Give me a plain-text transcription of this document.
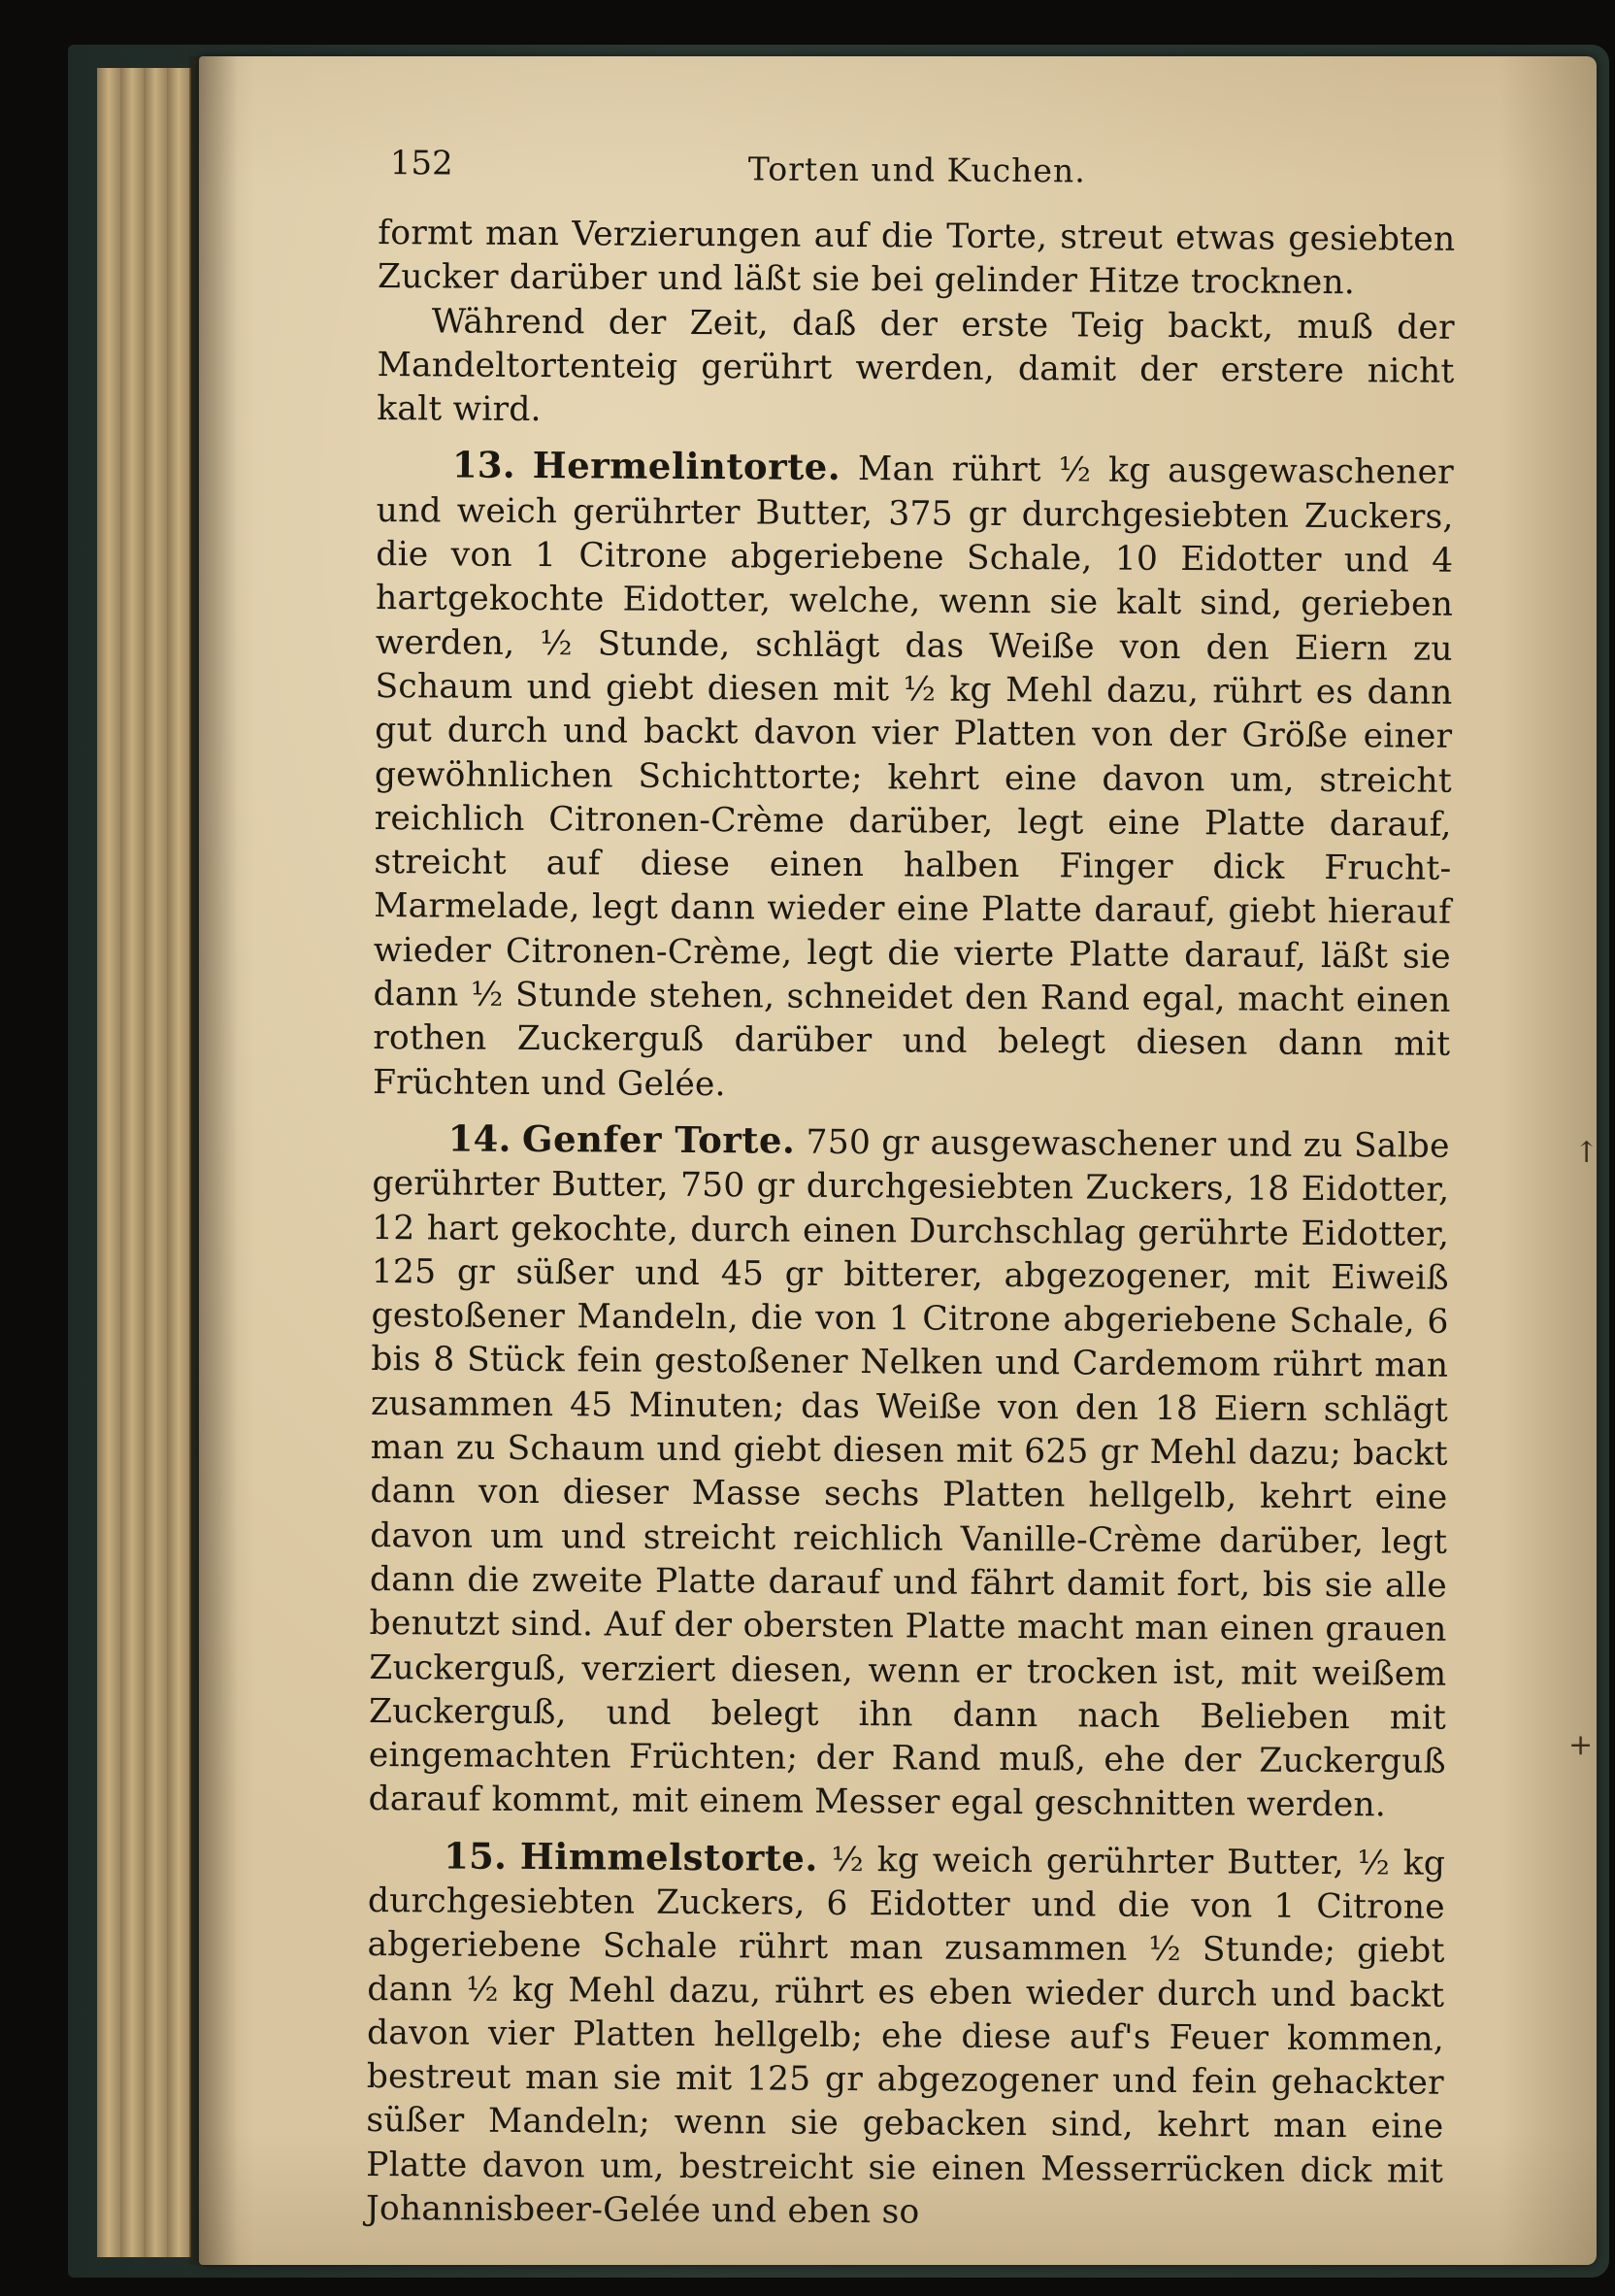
↑
+
152	Torten und Kuchen.

formt man Verzierungen auf die Torte, streut etwas gesiebten Zucker darüber und läßt sie bei gelinder Hitze trocknen.

Während der Zeit, daß der erste Teig backt, muß der Mandeltortenteig gerührt werden, damit der erstere nicht kalt wird.

13. Hermelintorte. Man rührt ½ kg ausgewaschener und weich gerührter Butter, 375 gr durchgesiebten Zuckers, die von 1 Citrone abgeriebene Schale, 10 Eidotter und 4 hartgekochte Eidotter, welche, wenn sie kalt sind, gerieben werden, ½ Stunde, schlägt das Weiße von den Eiern zu Schaum und giebt diesen mit ½ kg Mehl dazu, rührt es dann gut durch und backt davon vier Platten von der Größe einer gewöhnlichen Schichttorte; kehrt eine davon um, streicht reichlich Citronen-Crème darüber, legt eine Platte darauf, streicht auf diese einen halben Finger dick Frucht-Marmelade, legt dann wieder eine Platte darauf, giebt hierauf wieder Citronen-Crème, legt die vierte Platte darauf, läßt sie dann ½ Stunde stehen, schneidet den Rand egal, macht einen rothen Zuckerguß darüber und belegt diesen dann mit Früchten und Gelée.

14. Genfer Torte. 750 gr ausgewaschener und zu Salbe gerührter Butter, 750 gr durchgesiebten Zuckers, 18 Eidotter, 12 hart gekochte, durch einen Durchschlag gerührte Eidotter, 125 gr süßer und 45 gr bitterer, abgezogener, mit Eiweiß gestoßener Mandeln, die von 1 Citrone abgeriebene Schale, 6 bis 8 Stück fein gestoßener Nelken und Cardemom rührt man zusammen 45 Minuten; das Weiße von den 18 Eiern schlägt man zu Schaum und giebt diesen mit 625 gr Mehl dazu; backt dann von dieser Masse sechs Platten hellgelb, kehrt eine davon um und streicht reichlich Vanille-Crème darüber, legt dann die zweite Platte darauf und fährt damit fort, bis sie alle benutzt sind. Auf der obersten Platte macht man einen grauen Zuckerguß, verziert diesen, wenn er trocken ist, mit weißem Zuckerguß, und belegt ihn dann nach Belieben mit eingemachten Früchten; der Rand muß, ehe der Zuckerguß darauf kommt, mit einem Messer egal geschnitten werden.

15. Himmelstorte. ½ kg weich gerührter Butter, ½ kg durchgesiebten Zuckers, 6 Eidotter und die von 1 Citrone abgeriebene Schale rührt man zusammen ½ Stunde; giebt dann ½ kg Mehl dazu, rührt es eben wieder durch und backt davon vier Platten hellgelb; ehe diese auf's Feuer kommen, bestreut man sie mit 125 gr abgezogener und fein gehackter süßer Mandeln; wenn sie gebacken sind, kehrt man eine Platte davon um, bestreicht sie einen Messerrücken dick mit Johannisbeer-Gelée und eben so
